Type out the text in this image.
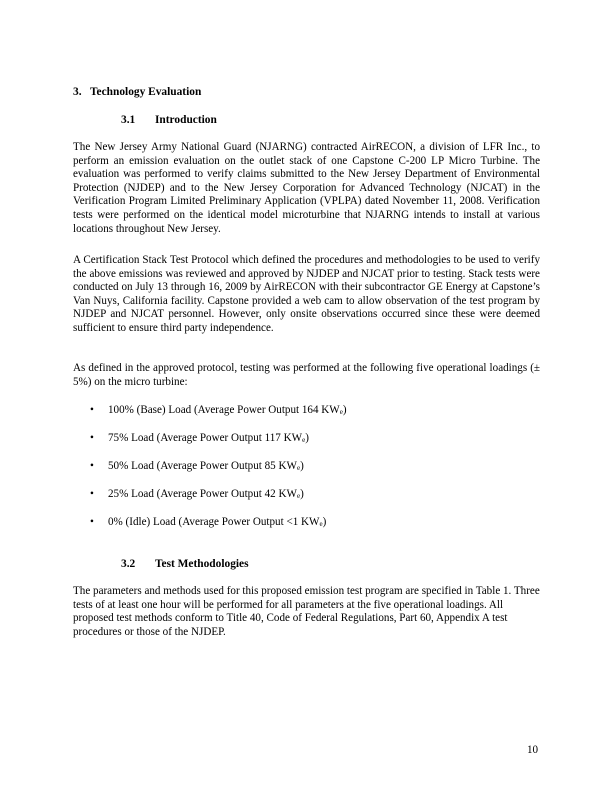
3. Technology Evaluation
3.1 Introduction

The New Jersey Army National Guard (NJARNG) contracted AirRECON, a division of LFR Inc., to perform an emission evaluation on the outlet stack of one Capstone C-200 LP Micro Turbine. The evaluation was performed to verify claims submitted to the New Jersey Department of Environmental Protection (NJDEP) and to the New Jersey Corporation for Advanced Technology (NJCAT) in the Verification Program Limited Preliminary Application (VPLPA) dated November 11, 2008. Verification tests were performed on the identical model microturbine that NJARNG intends to install at various locations throughout New Jersey.

A Certification Stack Test Protocol which defined the procedures and methodologies to be used to verify the above emissions was reviewed and approved by NJDEP and NJCAT prior to testing. Stack tests were conducted on July 13 through 16, 2009 by AirRECON with their subcontractor GE Energy at Capstone’s Van Nuys, California facility. Capstone provided a web cam to allow observation of the test program by NJDEP and NJCAT personnel. However, only onsite observations occurred since these were deemed sufficient to ensure third party independence.

As defined in the approved protocol, testing was performed at the following five operational loadings (± 5%) on the micro turbine:

• 100% (Base) Load (Average Power Output 164 $KW_e$)
• 75% Load (Average Power Output 117 $KW_e$)
• 50% Load (Average Power Output 85 $KW_e$)
• 25% Load (Average Power Output 42 $KW_e$)
• 0% (Idle) Load (Average Power Output <1 $KW_e$)
3.2 Test Methodologies

The parameters and methods used for this proposed emission test program are specified in Table 1. Three tests of at least one hour will be performed for all parameters at the five operational loadings. All proposed test methods conform to Title 40, Code of Federal Regulations, Part 60, Appendix A test procedures or those of the NJDEP.

10
